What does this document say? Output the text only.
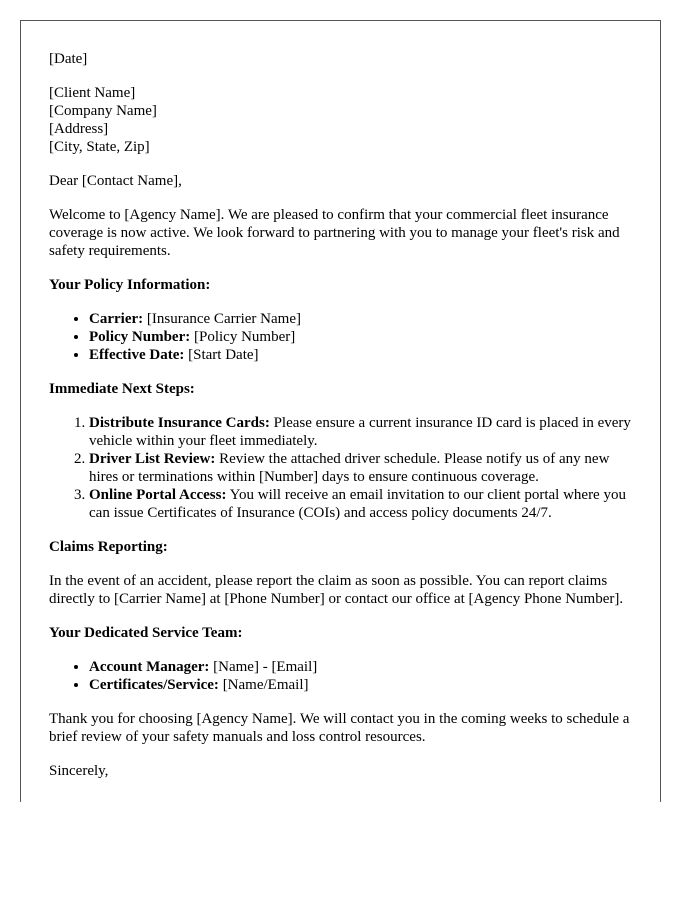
[Date]

[Client Name]

[Company Name]

[Address]

[City, State, Zip]

Dear [Contact Name],

Welcome to [Agency Name]. We are pleased to confirm that your commercial fleet insurance coverage is now active. We look forward to partnering with you to manage your fleet's risk and safety requirements.

Your Policy Information:
• Carrier: [Insurance Carrier Name]
• Policy Number: [Policy Number]
• Effective Date: [Start Date]
Immediate Next Steps:
1. Distribute Insurance Cards: Please ensure a current insurance ID card is placed in every vehicle within your fleet immediately.
2. Driver List Review: Review the attached driver schedule. Please notify us of any new hires or terminations within [Number] days to ensure continuous coverage.
3. Online Portal Access: You will receive an email invitation to our client portal where you can issue Certificates of Insurance (COIs) and access policy documents 24/7.
Claims Reporting:

In the event of an accident, please report the claim as soon as possible. You can report claims directly to [Carrier Name] at [Phone Number] or contact our office at [Agency Phone Number].

Your Dedicated Service Team:
• Account Manager: [Name] - [Email]
• Certificates/Service: [Name/Email]

Thank you for choosing [Agency Name]. We will contact you in the coming weeks to schedule a brief review of your safety manuals and loss control resources.

Sincerely,
